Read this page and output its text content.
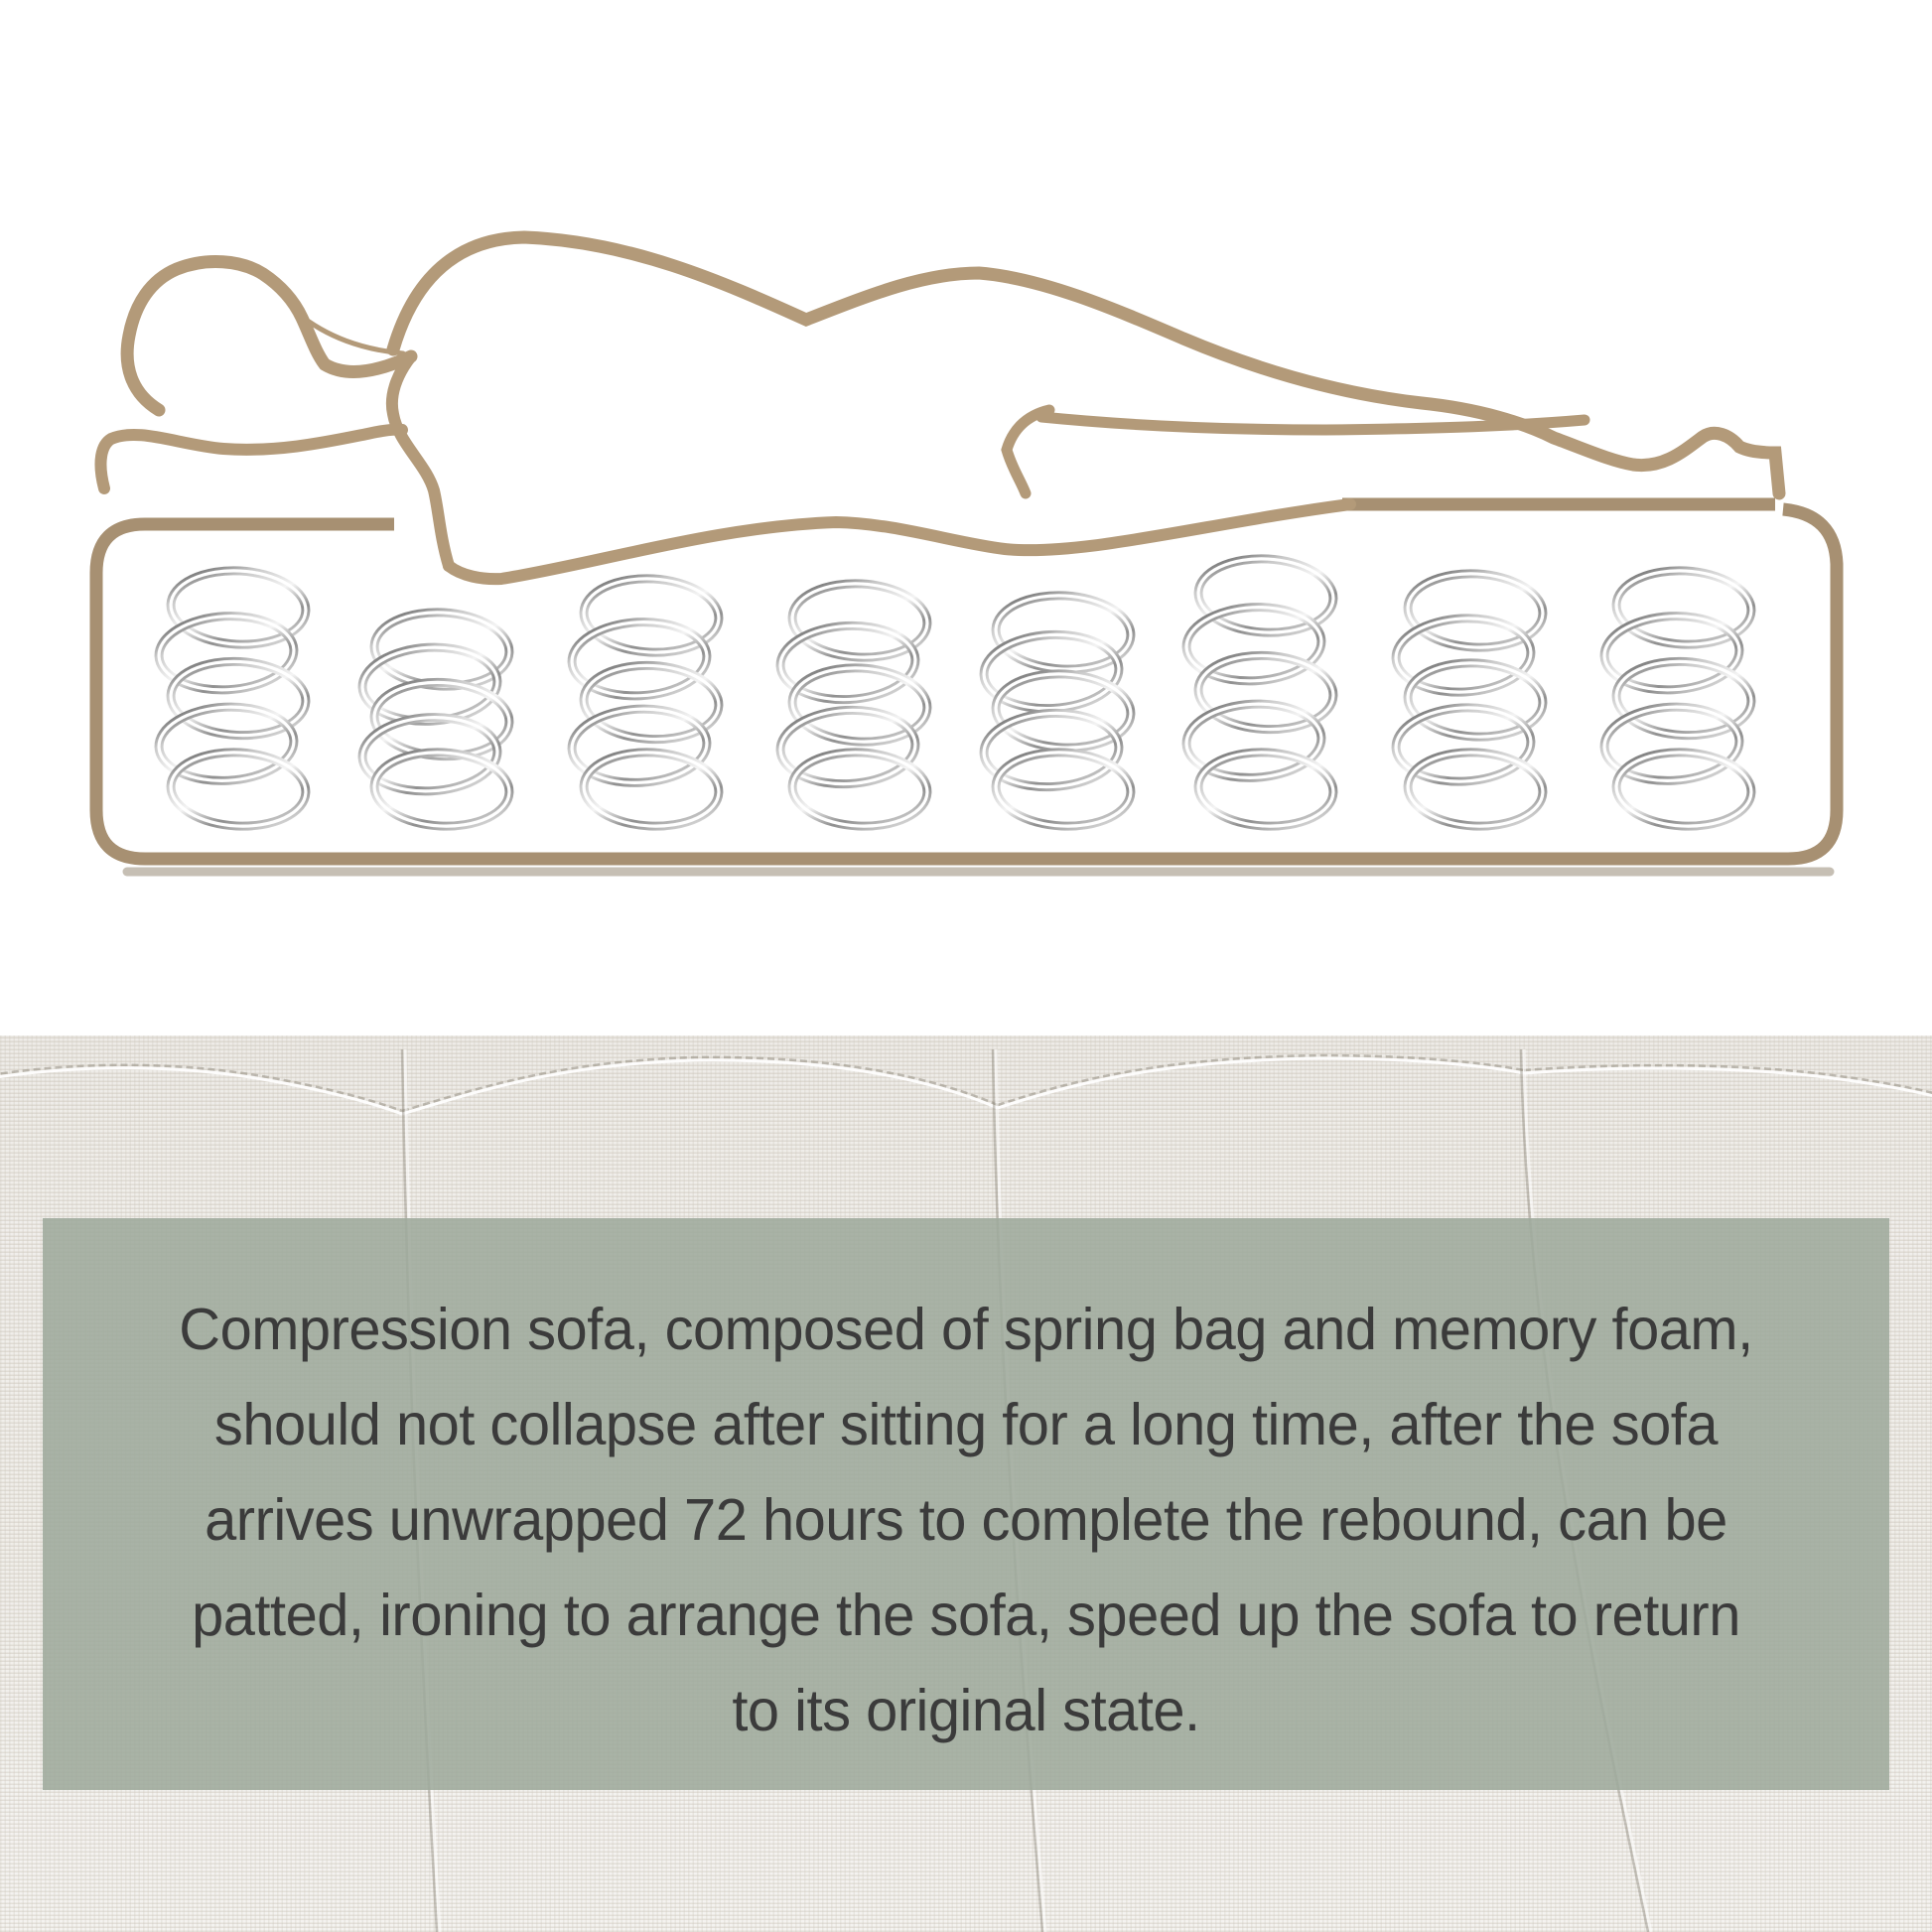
Compression sofa, composed of spring bag and memory foam,

should not collapse after sitting for a long time, after the sofa

arrives unwrapped 72 hours to complete the rebound, can be

patted, ironing to arrange the sofa, speed up the sofa to return

to its original state.
